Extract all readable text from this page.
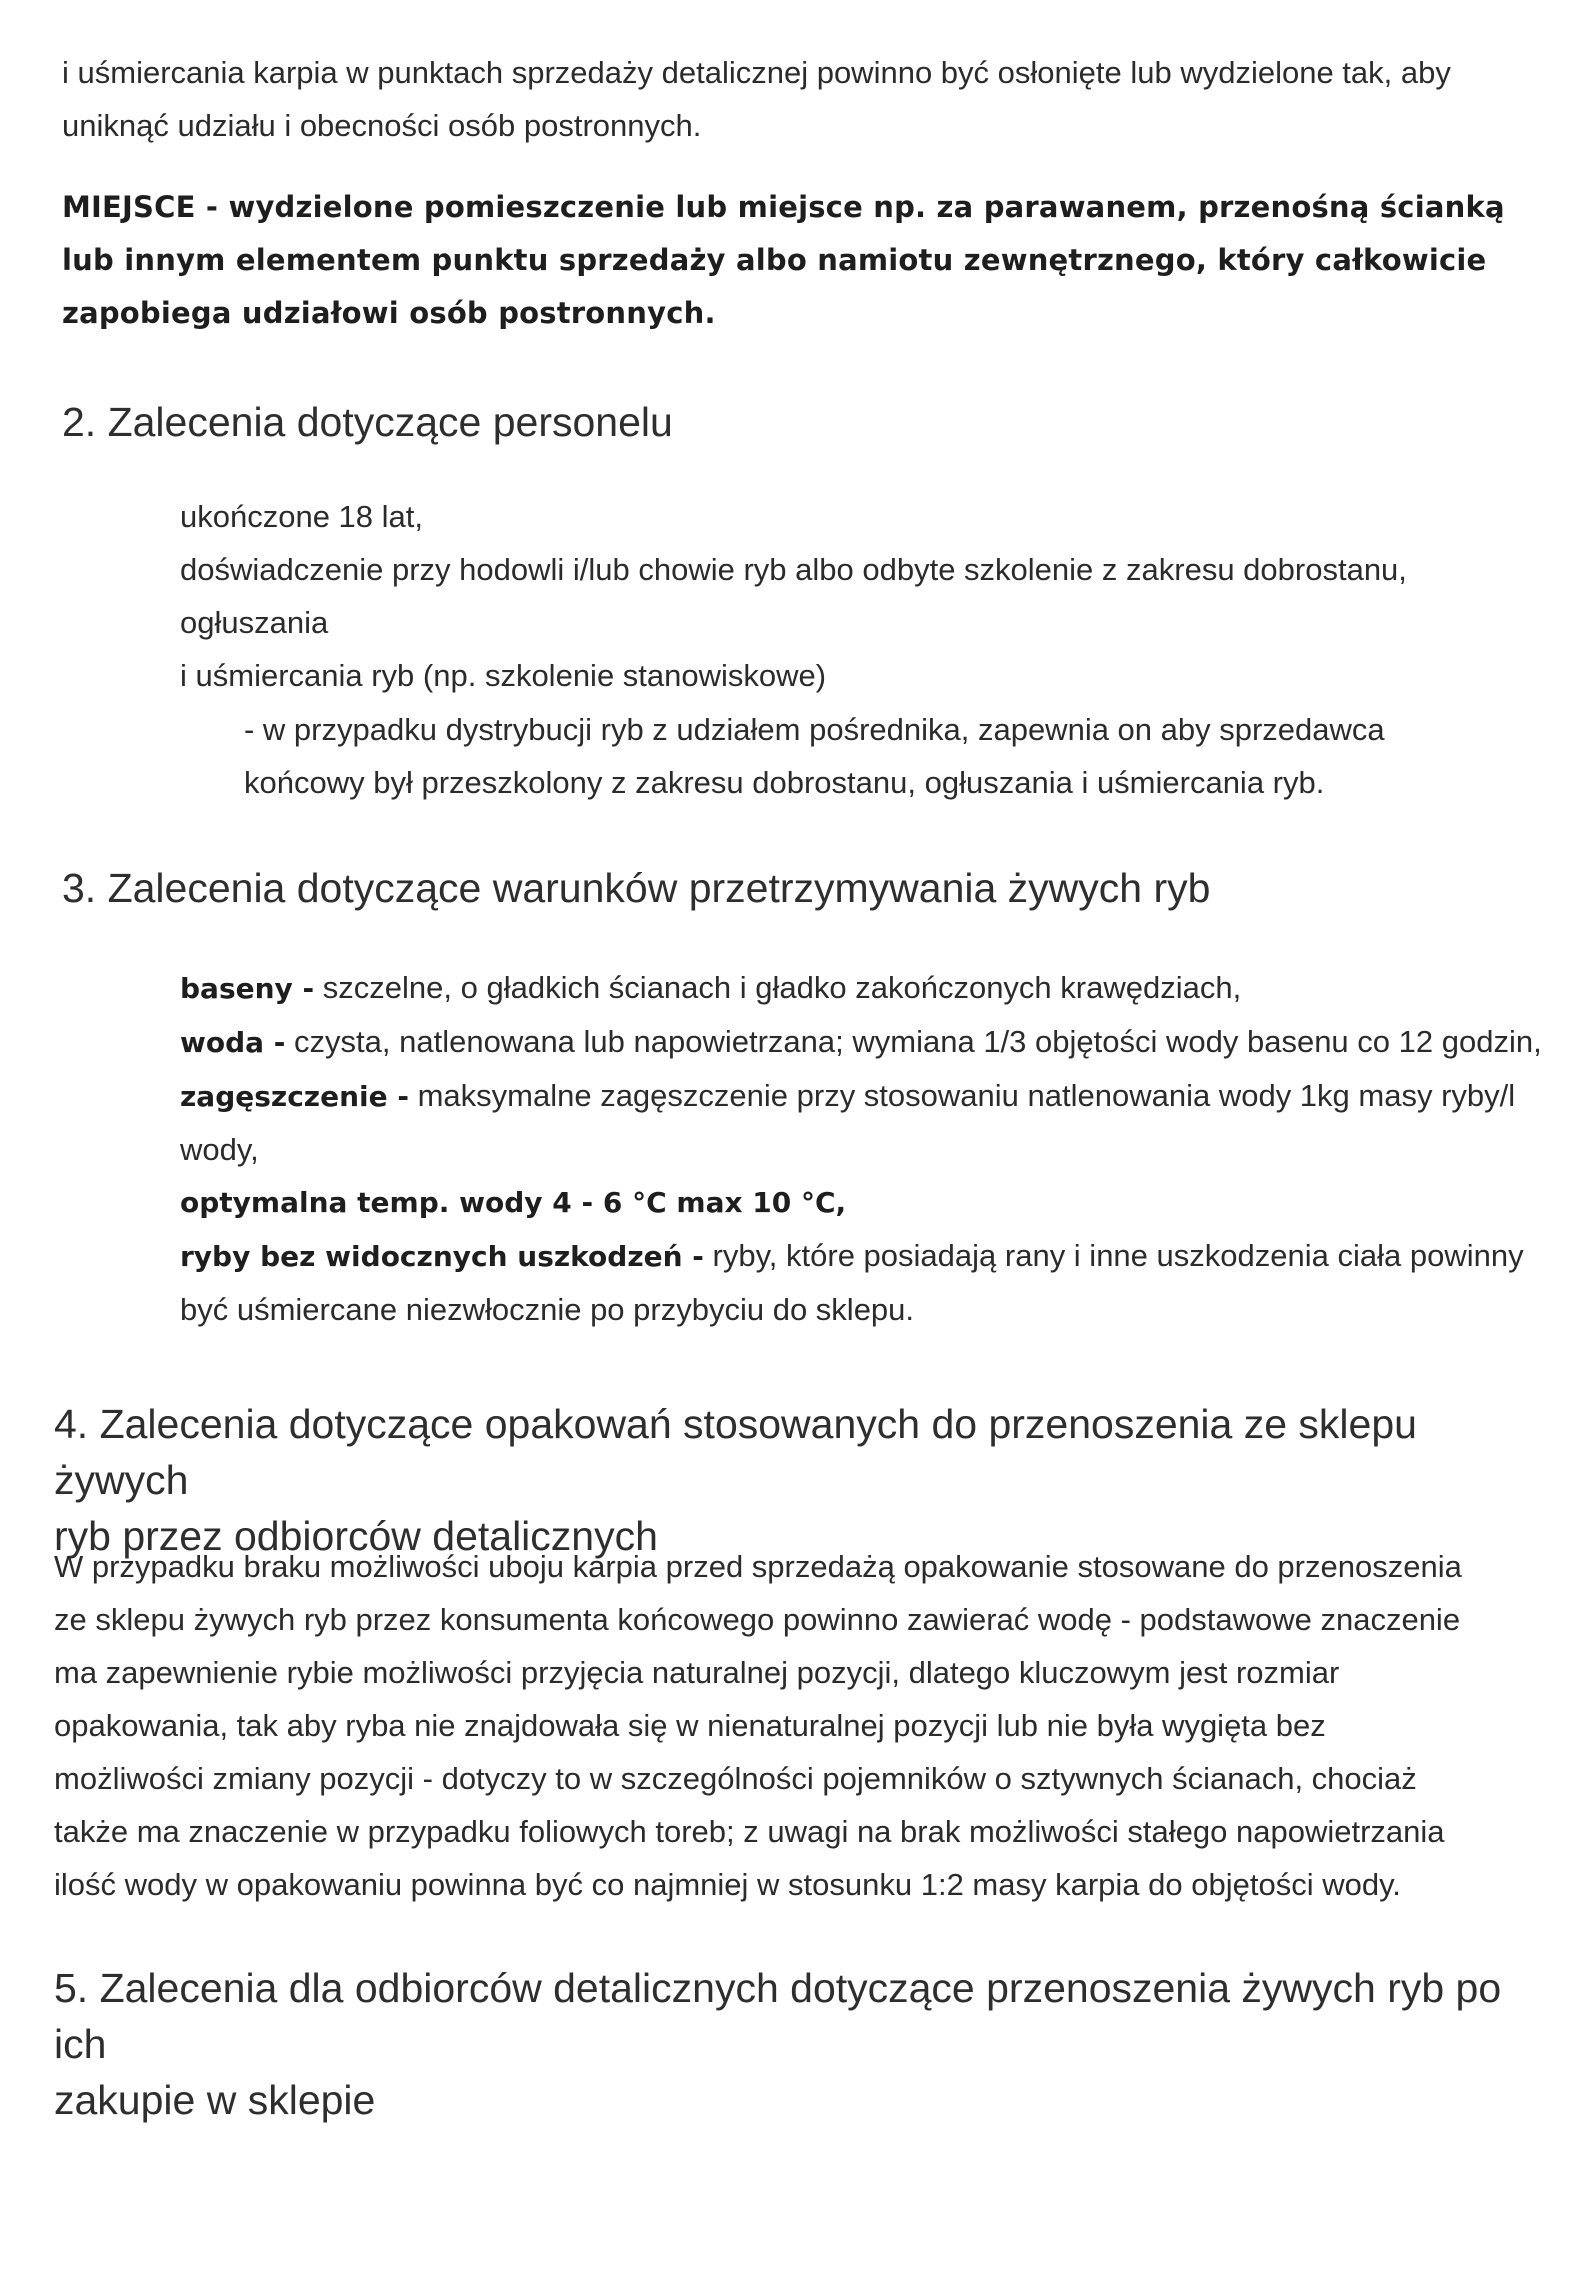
i uśmiercania karpia w punktach sprzedaży detalicznej powinno być osłonięte lub wydzielone tak, aby
uniknąć udziału i obecności osób postronnych.

MIEJSCE - wydzielone pomieszczenie lub miejsce np. za parawanem, przenośną ścianką
lub innym elementem punktu sprzedaży albo namiotu zewnętrznego, który całkowicie
zapobiega udziałowi osób postronnych.

2. Zalecenia dotyczące personelu

ukończone 18 lat,
doświadczenie przy hodowli i/lub chowie ryb albo odbyte szkolenie z zakresu dobrostanu, ogłuszania
i uśmiercania ryb (np. szkolenie stanowiskowe)

- w przypadku dystrybucji ryb z udziałem pośrednika, zapewnia on aby sprzedawca
końcowy był przeszkolony z zakresu dobrostanu, ogłuszania i uśmiercania ryb.

3. Zalecenia dotyczące warunków przetrzymywania żywych ryb

baseny - szczelne, o gładkich ścianach i gładko zakończonych krawędziach,
woda - czysta, natlenowana lub napowietrzana; wymiana 1/3 objętości wody basenu co 12 godzin,
zagęszczenie - maksymalne zagęszczenie przy stosowaniu natlenowania wody 1kg masy ryby/l
wody,
optymalna temp. wody 4 - 6 °C max 10 °C,
ryby bez widocznych uszkodzeń - ryby, które posiadają rany i inne uszkodzenia ciała powinny
być uśmiercane niezwłocznie po przybyciu do sklepu.

4. Zalecenia dotyczące opakowań stosowanych do przenoszenia ze sklepu żywych
ryb przez odbiorców detalicznych

W przypadku braku możliwości uboju karpia przed sprzedażą opakowanie stosowane do przenoszenia
ze sklepu żywych ryb przez konsumenta końcowego powinno zawierać wodę - podstawowe znaczenie
ma zapewnienie rybie możliwości przyjęcia naturalnej pozycji, dlatego kluczowym jest rozmiar
opakowania, tak aby ryba nie znajdowała się w nienaturalnej pozycji lub nie była wygięta bez
możliwości zmiany pozycji - dotyczy to w szczególności pojemników o sztywnych ścianach, chociaż
także ma znaczenie w przypadku foliowych toreb; z uwagi na brak możliwości stałego napowietrzania
ilość wody w opakowaniu powinna być co najmniej w stosunku 1:2 masy karpia do objętości wody.

5. Zalecenia dla odbiorców detalicznych dotyczące przenoszenia żywych ryb po ich
zakupie w sklepie
